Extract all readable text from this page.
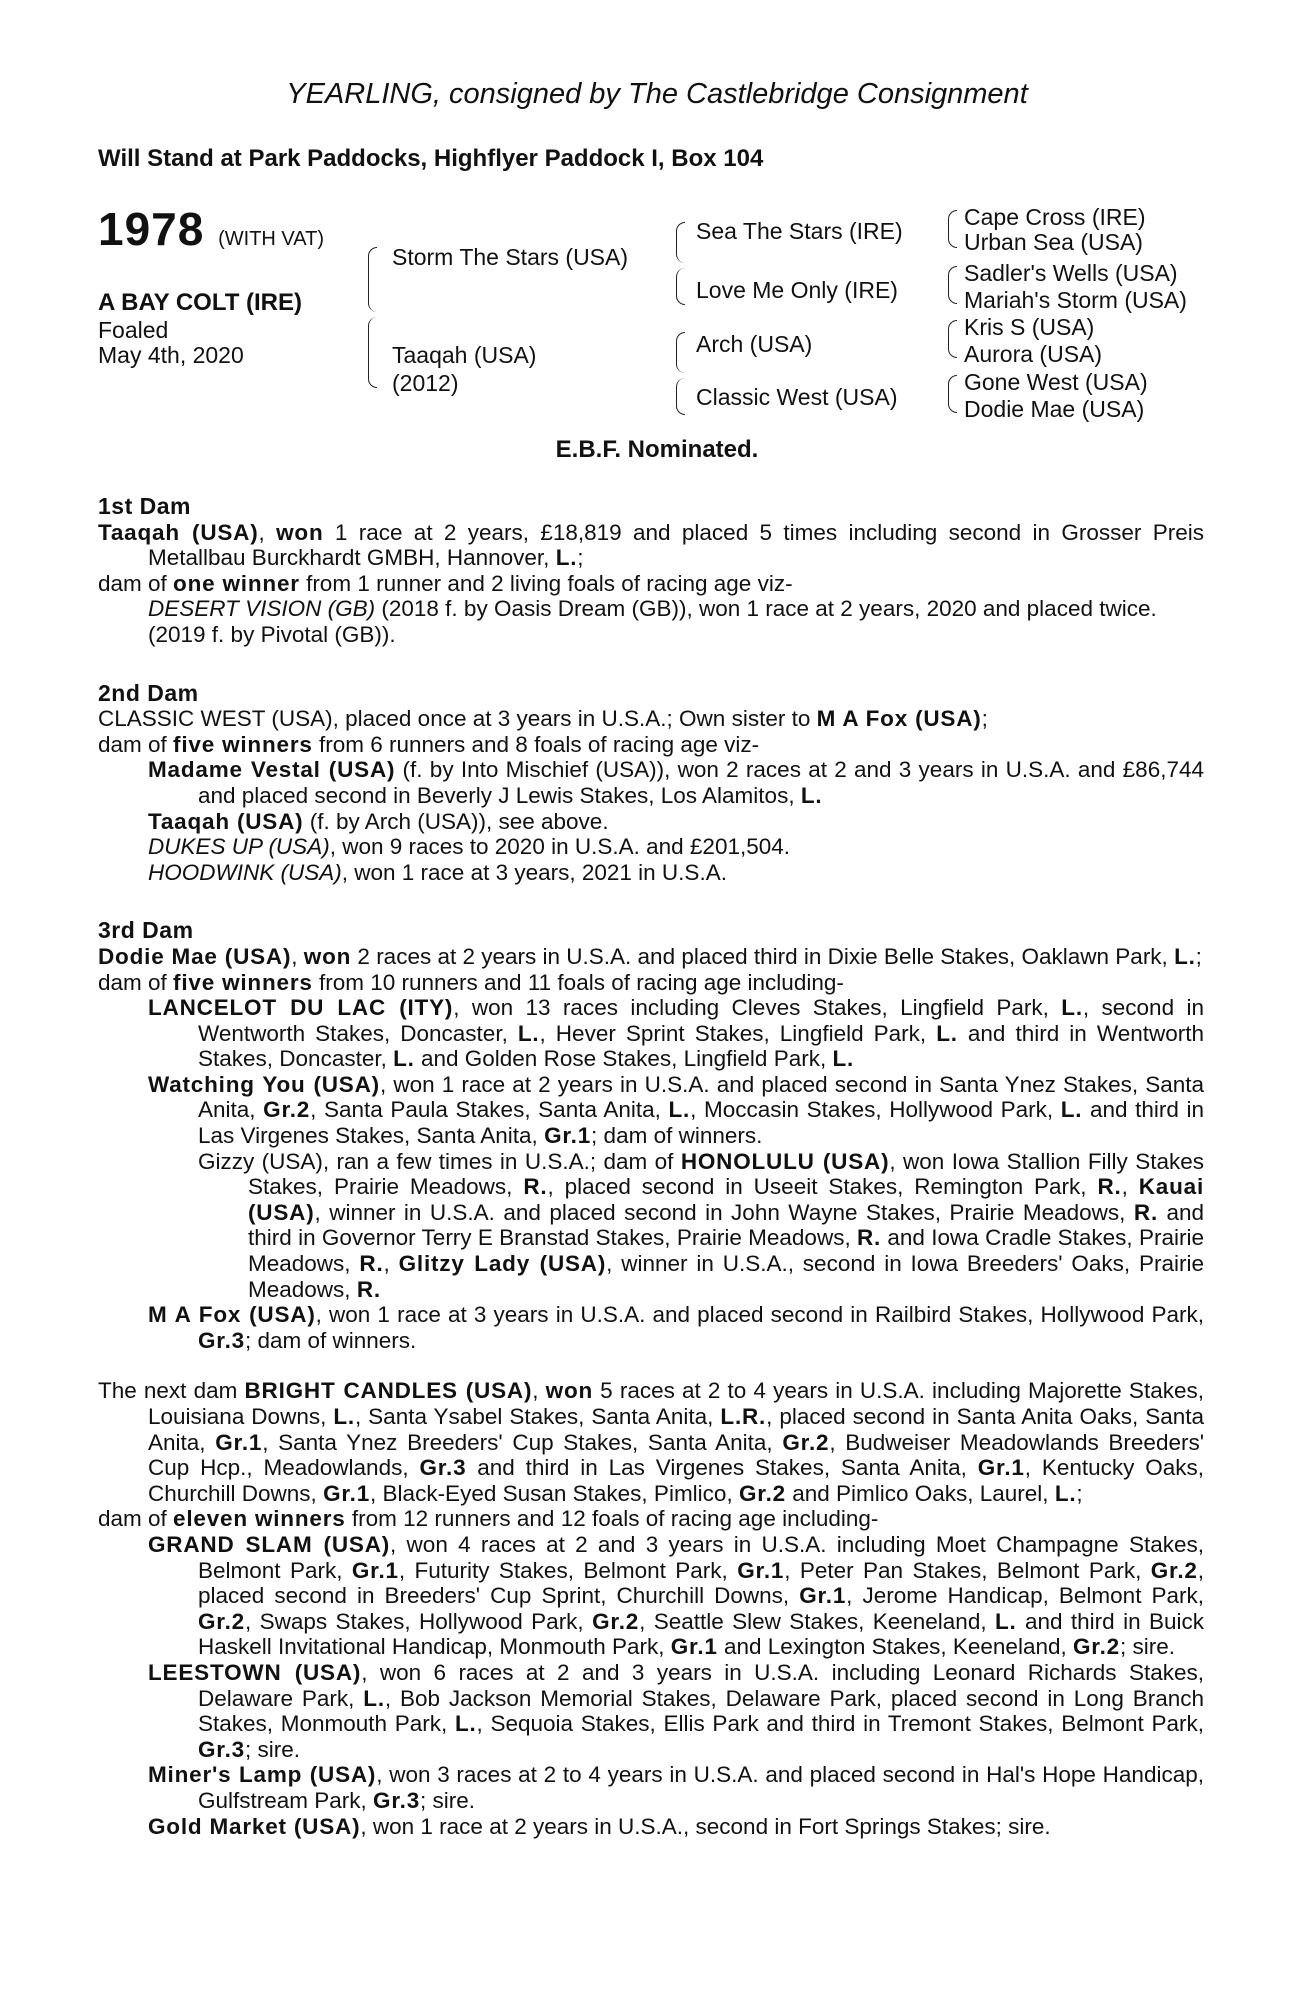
YEARLING, consigned by The Castlebridge Consignment
Will Stand at Park Paddocks, Highflyer Paddock I, Box 104
1978 (WITH VAT)
A BAY COLT (IRE)
Foaled
May 4th, 2020
Storm The Stars (USA)
Taaqah (USA)
(2012)
Sea The Stars (IRE)
Love Me Only (IRE)
Arch (USA)
Classic West (USA)
Cape Cross (IRE)
Urban Sea (USA)
Sadler's Wells (USA)
Mariah's Storm (USA)
Kris S (USA)
Aurora (USA)
Gone West (USA)
Dodie Mae (USA)
E.B.F. Nominated.
1st Dam
Taaqah (USA), won 1 race at 2 years, £18,819 and placed 5 times including second in Grosser Preis Metallbau Burckhardt GMBH, Hannover, L.;
dam of one winner from 1 runner and 2 living foals of racing age viz-
DESERT VISION (GB) (2018 f. by Oasis Dream (GB)), won 1 race at 2 years, 2020 and placed twice.
(2019 f. by Pivotal (GB)).
2nd Dam
CLASSIC WEST (USA), placed once at 3 years in U.S.A.; Own sister to M A Fox (USA);
dam of five winners from 6 runners and 8 foals of racing age viz-
Madame Vestal (USA) (f. by Into Mischief (USA)), won 2 races at 2 and 3 years in U.S.A. and £86,744 and placed second in Beverly J Lewis Stakes, Los Alamitos, L.
Taaqah (USA) (f. by Arch (USA)), see above.
DUKES UP (USA), won 9 races to 2020 in U.S.A. and £201,504.
HOODWINK (USA), won 1 race at 3 years, 2021 in U.S.A.
3rd Dam
Dodie Mae (USA), won 2 races at 2 years in U.S.A. and placed third in Dixie Belle Stakes, Oaklawn Park, L.;
dam of five winners from 10 runners and 11 foals of racing age including-
LANCELOT DU LAC (ITY), won 13 races including Cleves Stakes, Lingfield Park, L., second in Wentworth Stakes, Doncaster, L., Hever Sprint Stakes, Lingfield Park, L. and third in Wentworth Stakes, Doncaster, L. and Golden Rose Stakes, Lingfield Park, L.
Watching You (USA), won 1 race at 2 years in U.S.A. and placed second in Santa Ynez Stakes, Santa Anita, Gr.2, Santa Paula Stakes, Santa Anita, L., Moccasin Stakes, Hollywood Park, L. and third in Las Virgenes Stakes, Santa Anita, Gr.1; dam of winners.
Gizzy (USA), ran a few times in U.S.A.; dam of HONOLULU (USA), won Iowa Stallion Filly Stakes Stakes, Prairie Meadows, R., placed second in Useeit Stakes, Remington Park, R., Kauai (USA), winner in U.S.A. and placed second in John Wayne Stakes, Prairie Meadows, R. and third in Governor Terry E Branstad Stakes, Prairie Meadows, R. and Iowa Cradle Stakes, Prairie Meadows, R., Glitzy Lady (USA), winner in U.S.A., second in Iowa Breeders' Oaks, Prairie Meadows, R.
M A Fox (USA), won 1 race at 3 years in U.S.A. and placed second in Railbird Stakes, Hollywood Park, Gr.3; dam of winners.
The next dam BRIGHT CANDLES (USA), won 5 races at 2 to 4 years in U.S.A. including Majorette Stakes, Louisiana Downs, L., Santa Ysabel Stakes, Santa Anita, L.R., placed second in Santa Anita Oaks, Santa Anita, Gr.1, Santa Ynez Breeders' Cup Stakes, Santa Anita, Gr.2, Budweiser Meadowlands Breeders' Cup Hcp., Meadowlands, Gr.3 and third in Las Virgenes Stakes, Santa Anita, Gr.1, Kentucky Oaks, Churchill Downs, Gr.1, Black-Eyed Susan Stakes, Pimlico, Gr.2 and Pimlico Oaks, Laurel, L.;
dam of eleven winners from 12 runners and 12 foals of racing age including-
GRAND SLAM (USA), won 4 races at 2 and 3 years in U.S.A. including Moet Champagne Stakes, Belmont Park, Gr.1, Futurity Stakes, Belmont Park, Gr.1, Peter Pan Stakes, Belmont Park, Gr.2, placed second in Breeders' Cup Sprint, Churchill Downs, Gr.1, Jerome Handicap, Belmont Park, Gr.2, Swaps Stakes, Hollywood Park, Gr.2, Seattle Slew Stakes, Keeneland, L. and third in Buick Haskell Invitational Handicap, Monmouth Park, Gr.1 and Lexington Stakes, Keeneland, Gr.2; sire.
LEESTOWN (USA), won 6 races at 2 and 3 years in U.S.A. including Leonard Richards Stakes, Delaware Park, L., Bob Jackson Memorial Stakes, Delaware Park, placed second in Long Branch Stakes, Monmouth Park, L., Sequoia Stakes, Ellis Park and third in Tremont Stakes, Belmont Park, Gr.3; sire.
Miner's Lamp (USA), won 3 races at 2 to 4 years in U.S.A. and placed second in Hal's Hope Handicap, Gulfstream Park, Gr.3; sire.
Gold Market (USA), won 1 race at 2 years in U.S.A., second in Fort Springs Stakes; sire.
